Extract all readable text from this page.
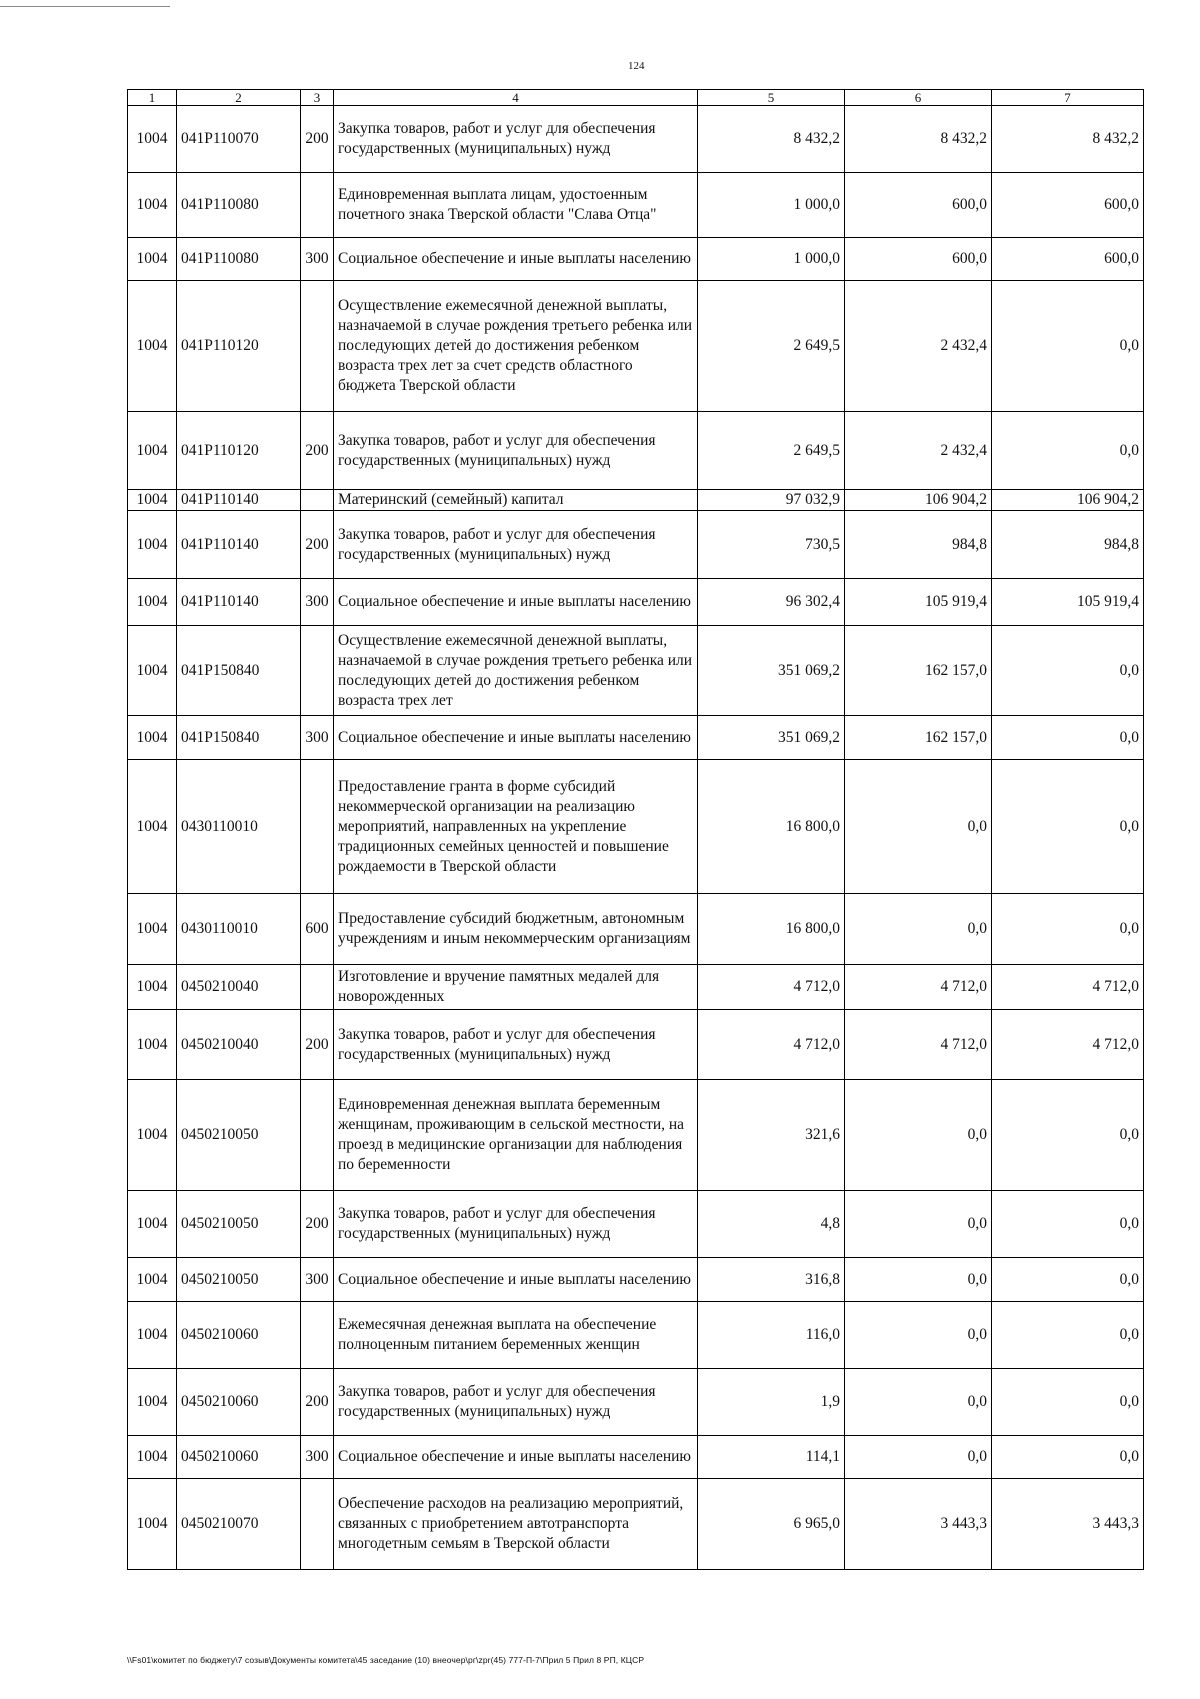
124
1	2	3	4	5	6	7
1004	041P110070	200	Закупка товаров, работ и услуг для обеспечения государственных (муниципальных) нужд	8 432,2	8 432,2	8 432,2
1004	041P110080		Единовременная выплата лицам, удостоенным почетного знака Тверской области "Слава Отца"	1 000,0	600,0	600,0
1004	041P110080	300	Социальное обеспечение и иные выплаты населению	1 000,0	600,0	600,0
1004	041P110120		Осуществление ежемесячной денежной выплаты, назначаемой в случае рождения третьего ребенка или последующих детей до достижения ребенком возраста трех лет за счет средств областного бюджета Тверской области	2 649,5	2 432,4	0,0
1004	041P110120	200	Закупка товаров, работ и услуг для обеспечения государственных (муниципальных) нужд	2 649,5	2 432,4	0,0
1004	041P110140		Материнский (семейный) капитал	97 032,9	106 904,2	106 904,2
1004	041P110140	200	Закупка товаров, работ и услуг для обеспечения государственных (муниципальных) нужд	730,5	984,8	984,8
1004	041P110140	300	Социальное обеспечение и иные выплаты населению	96 302,4	105 919,4	105 919,4
1004	041P150840		Осуществление ежемесячной денежной выплаты, назначаемой в случае рождения третьего ребенка или последующих детей до достижения ребенком возраста трех лет	351 069,2	162 157,0	0,0
1004	041P150840	300	Социальное обеспечение и иные выплаты населению	351 069,2	162 157,0	0,0
1004	0430110010		Предоставление гранта в форме субсидий некоммерческой организации на реализацию мероприятий, направленных на укрепление традиционных семейных ценностей и повышение рождаемости в Тверской области	16 800,0	0,0	0,0
1004	0430110010	600	Предоставление субсидий бюджетным, автономным учреждениям и иным некоммерческим организациям	16 800,0	0,0	0,0
1004	0450210040		Изготовление и вручение памятных медалей для новорожденных	4 712,0	4 712,0	4 712,0
1004	0450210040	200	Закупка товаров, работ и услуг для обеспечения государственных (муниципальных) нужд	4 712,0	4 712,0	4 712,0
1004	0450210050		Единовременная денежная выплата беременным женщинам, проживающим в сельской местности, на проезд в медицинские организации для наблюдения по беременности	321,6	0,0	0,0
1004	0450210050	200	Закупка товаров, работ и услуг для обеспечения государственных (муниципальных) нужд	4,8	0,0	0,0
1004	0450210050	300	Социальное обеспечение и иные выплаты населению	316,8	0,0	0,0
1004	0450210060		Ежемесячная денежная выплата на обеспечение полноценным питанием беременных женщин	116,0	0,0	0,0
1004	0450210060	200	Закупка товаров, работ и услуг для обеспечения государственных (муниципальных) нужд	1,9	0,0	0,0
1004	0450210060	300	Социальное обеспечение и иные выплаты населению	114,1	0,0	0,0
1004	0450210070		Обеспечение расходов на реализацию мероприятий, связанных с приобретением автотранспорта многодетным семьям в Тверской области	6 965,0	3 443,3	3 443,3
\\Fs01\комитет по бюджету\7 созыв\Документы комитета\45 заседание (10) внеочер\рг\zpr(45) 777-П-7\Прил 5 Прил 8 РП, КЦСР
